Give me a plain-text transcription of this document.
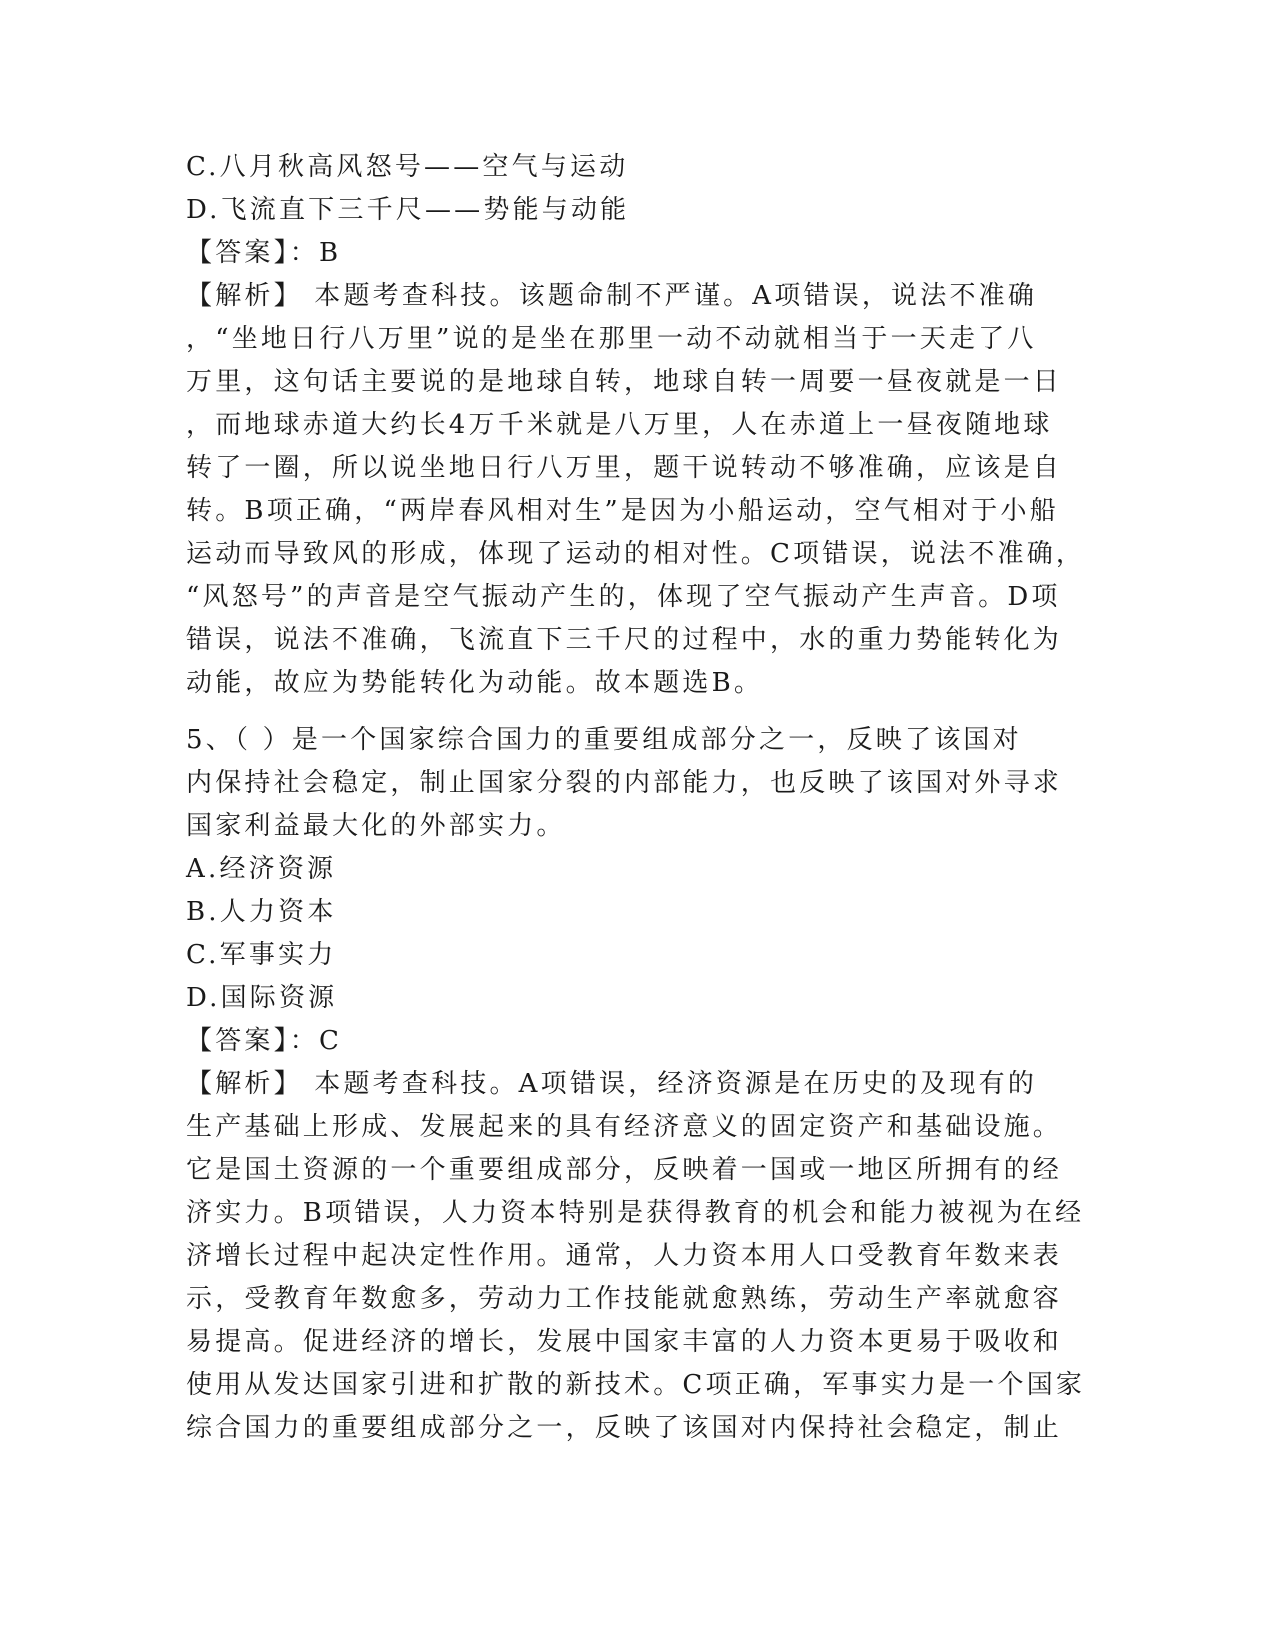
C.八月秋高风怒号——空气与运动
D.飞流直下三千尺——势能与动能
【答案】：B
【解析】 本题考查科技。该题命制不严谨。A项错误，说法不准确
，“坐地日行八万里”说的是坐在那里一动不动就相当于一天走了八
万里，这句话主要说的是地球自转，地球自转一周要一昼夜就是一日
，而地球赤道大约长4万千米就是八万里，人在赤道上一昼夜随地球
转了一圈，所以说坐地日行八万里，题干说转动不够准确，应该是自
转。B项正确，“两岸春风相对生”是因为小船运动，空气相对于小船
运动而导致风的形成，体现了运动的相对性。C项错误，说法不准确，
“风怒号”的声音是空气振动产生的，体现了空气振动产生声音。D项
错误，说法不准确，飞流直下三千尺的过程中，水的重力势能转化为
动能，故应为势能转化为动能。故本题选B。
5、（ ）是一个国家综合国力的重要组成部分之一，反映了该国对
内保持社会稳定，制止国家分裂的内部能力，也反映了该国对外寻求
国家利益最大化的外部实力。
A.经济资源
B.人力资本
C.军事实力
D.国际资源
【答案】：C
【解析】 本题考查科技。A项错误，经济资源是在历史的及现有的
生产基础上形成、发展起来的具有经济意义的固定资产和基础设施。
它是国土资源的一个重要组成部分，反映着一国或一地区所拥有的经
济实力。B项错误，人力资本特别是获得教育的机会和能力被视为在经
济增长过程中起决定性作用。通常，人力资本用人口受教育年数来表
示，受教育年数愈多，劳动力工作技能就愈熟练，劳动生产率就愈容
易提高。促进经济的增长，发展中国家丰富的人力资本更易于吸收和
使用从发达国家引进和扩散的新技术。C项正确，军事实力是一个国家
综合国力的重要组成部分之一，反映了该国对内保持社会稳定，制止
